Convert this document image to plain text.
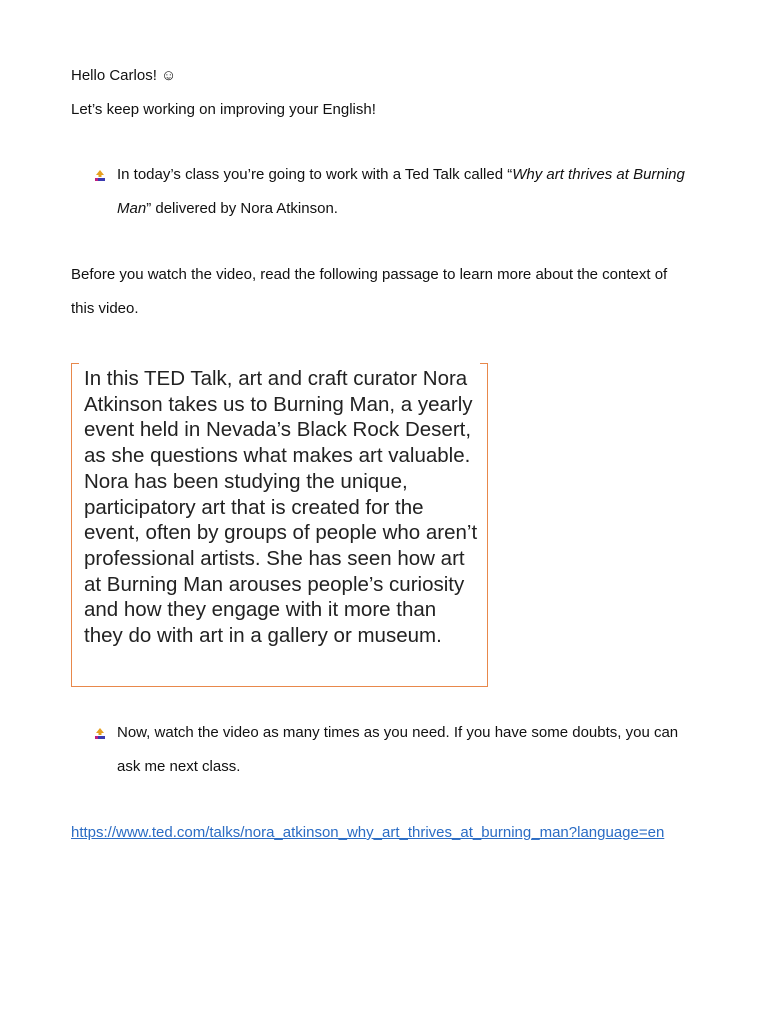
Hello Carlos! ☺

Let’s keep working on improving your English!

In today’s class you’re going to work with a Ted Talk called “Why art thrives at Burning Man” delivered by Nora Atkinson.
Before you watch the video, read the following passage to learn more about the context of this video.
In this TED Talk, art and craft curator Nora Atkinson takes us to Burning Man, a yearly event held in Nevada’s Black Rock Desert, as she questions what makes art valuable. Nora has been studying the unique, participatory art that is created for the event, often by groups of people who aren’t professional artists. She has seen how art at Burning Man arouses people’s curiosity and how they engage with it more than they do with art in a gallery or museum.
Now, watch the video as many times as you need. If you have some doubts, you can ask me next class.
https://www.ted.com/talks/nora_atkinson_why_art_thrives_at_burning_man?language=en
